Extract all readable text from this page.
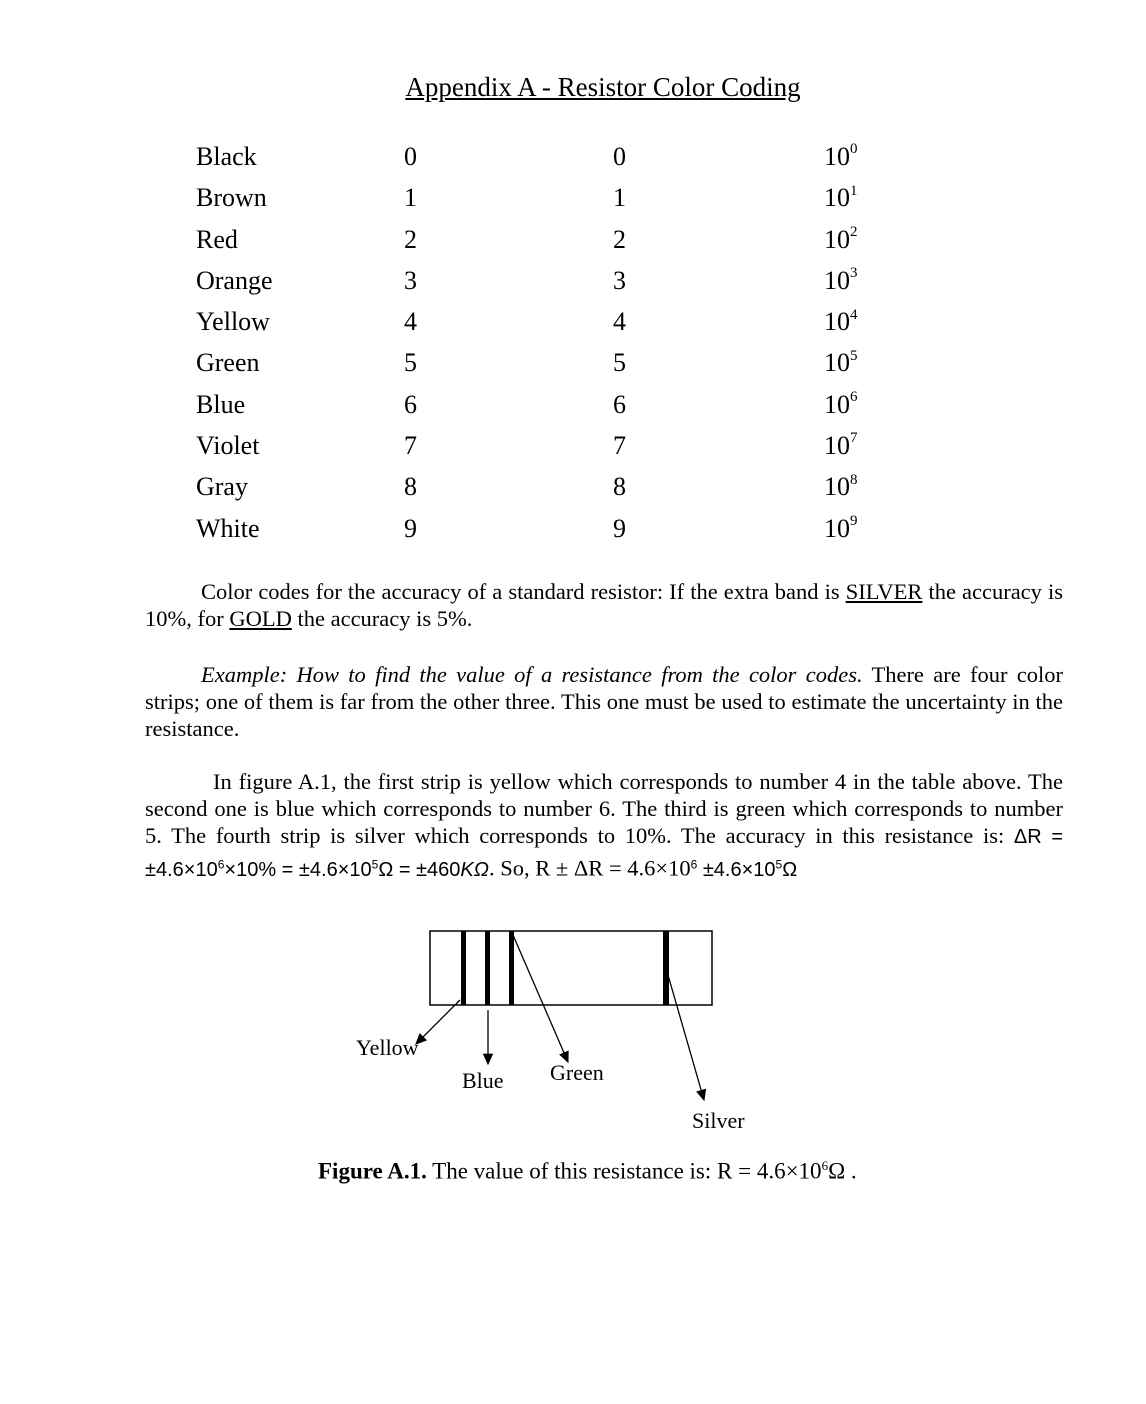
Appendix A - Resistor Color Coding
Black	0	0	$10^0$
Brown	1	1	$10^1$
Red	2	2	$10^2$
Orange	3	3	$10^3$
Yellow	4	4	$10^4$
Green	5	5	$10^5$
Blue	6	6	$10^6$
Violet	7	7	$10^7$
Gray	8	8	$10^8$
White	9	9	$10^9$

Color codes for the accuracy of a standard resistor: If the extra band is SILVER the accuracy is 10%, for GOLD the accuracy is 5%.

Example: How to find the value of a resistance from the color codes. There are four color strips; one of them is far from the other three. This one must be used to estimate the uncertainty in the resistance.

In figure A.1, the first strip is yellow which corresponds to number 4 in the table above. The second one is blue which corresponds to number 6. The third is green which corresponds to number 5. The fourth strip is silver which corresponds to 10%. The accuracy in this resistance is: $\Delta R = \pm 4.6\times 10^6\times 10\% = \pm 4.6\times 10^5\Omega = \pm 460K\Omega$. So, $R \pm \Delta R = 4.6\times 10^6 \pm 4.6\times 10^5\Omega$

Yellow
Blue Green
Silver
Figure A.1. The value of this resistance is: $R = 4.6\times 10^6\Omega$ .
